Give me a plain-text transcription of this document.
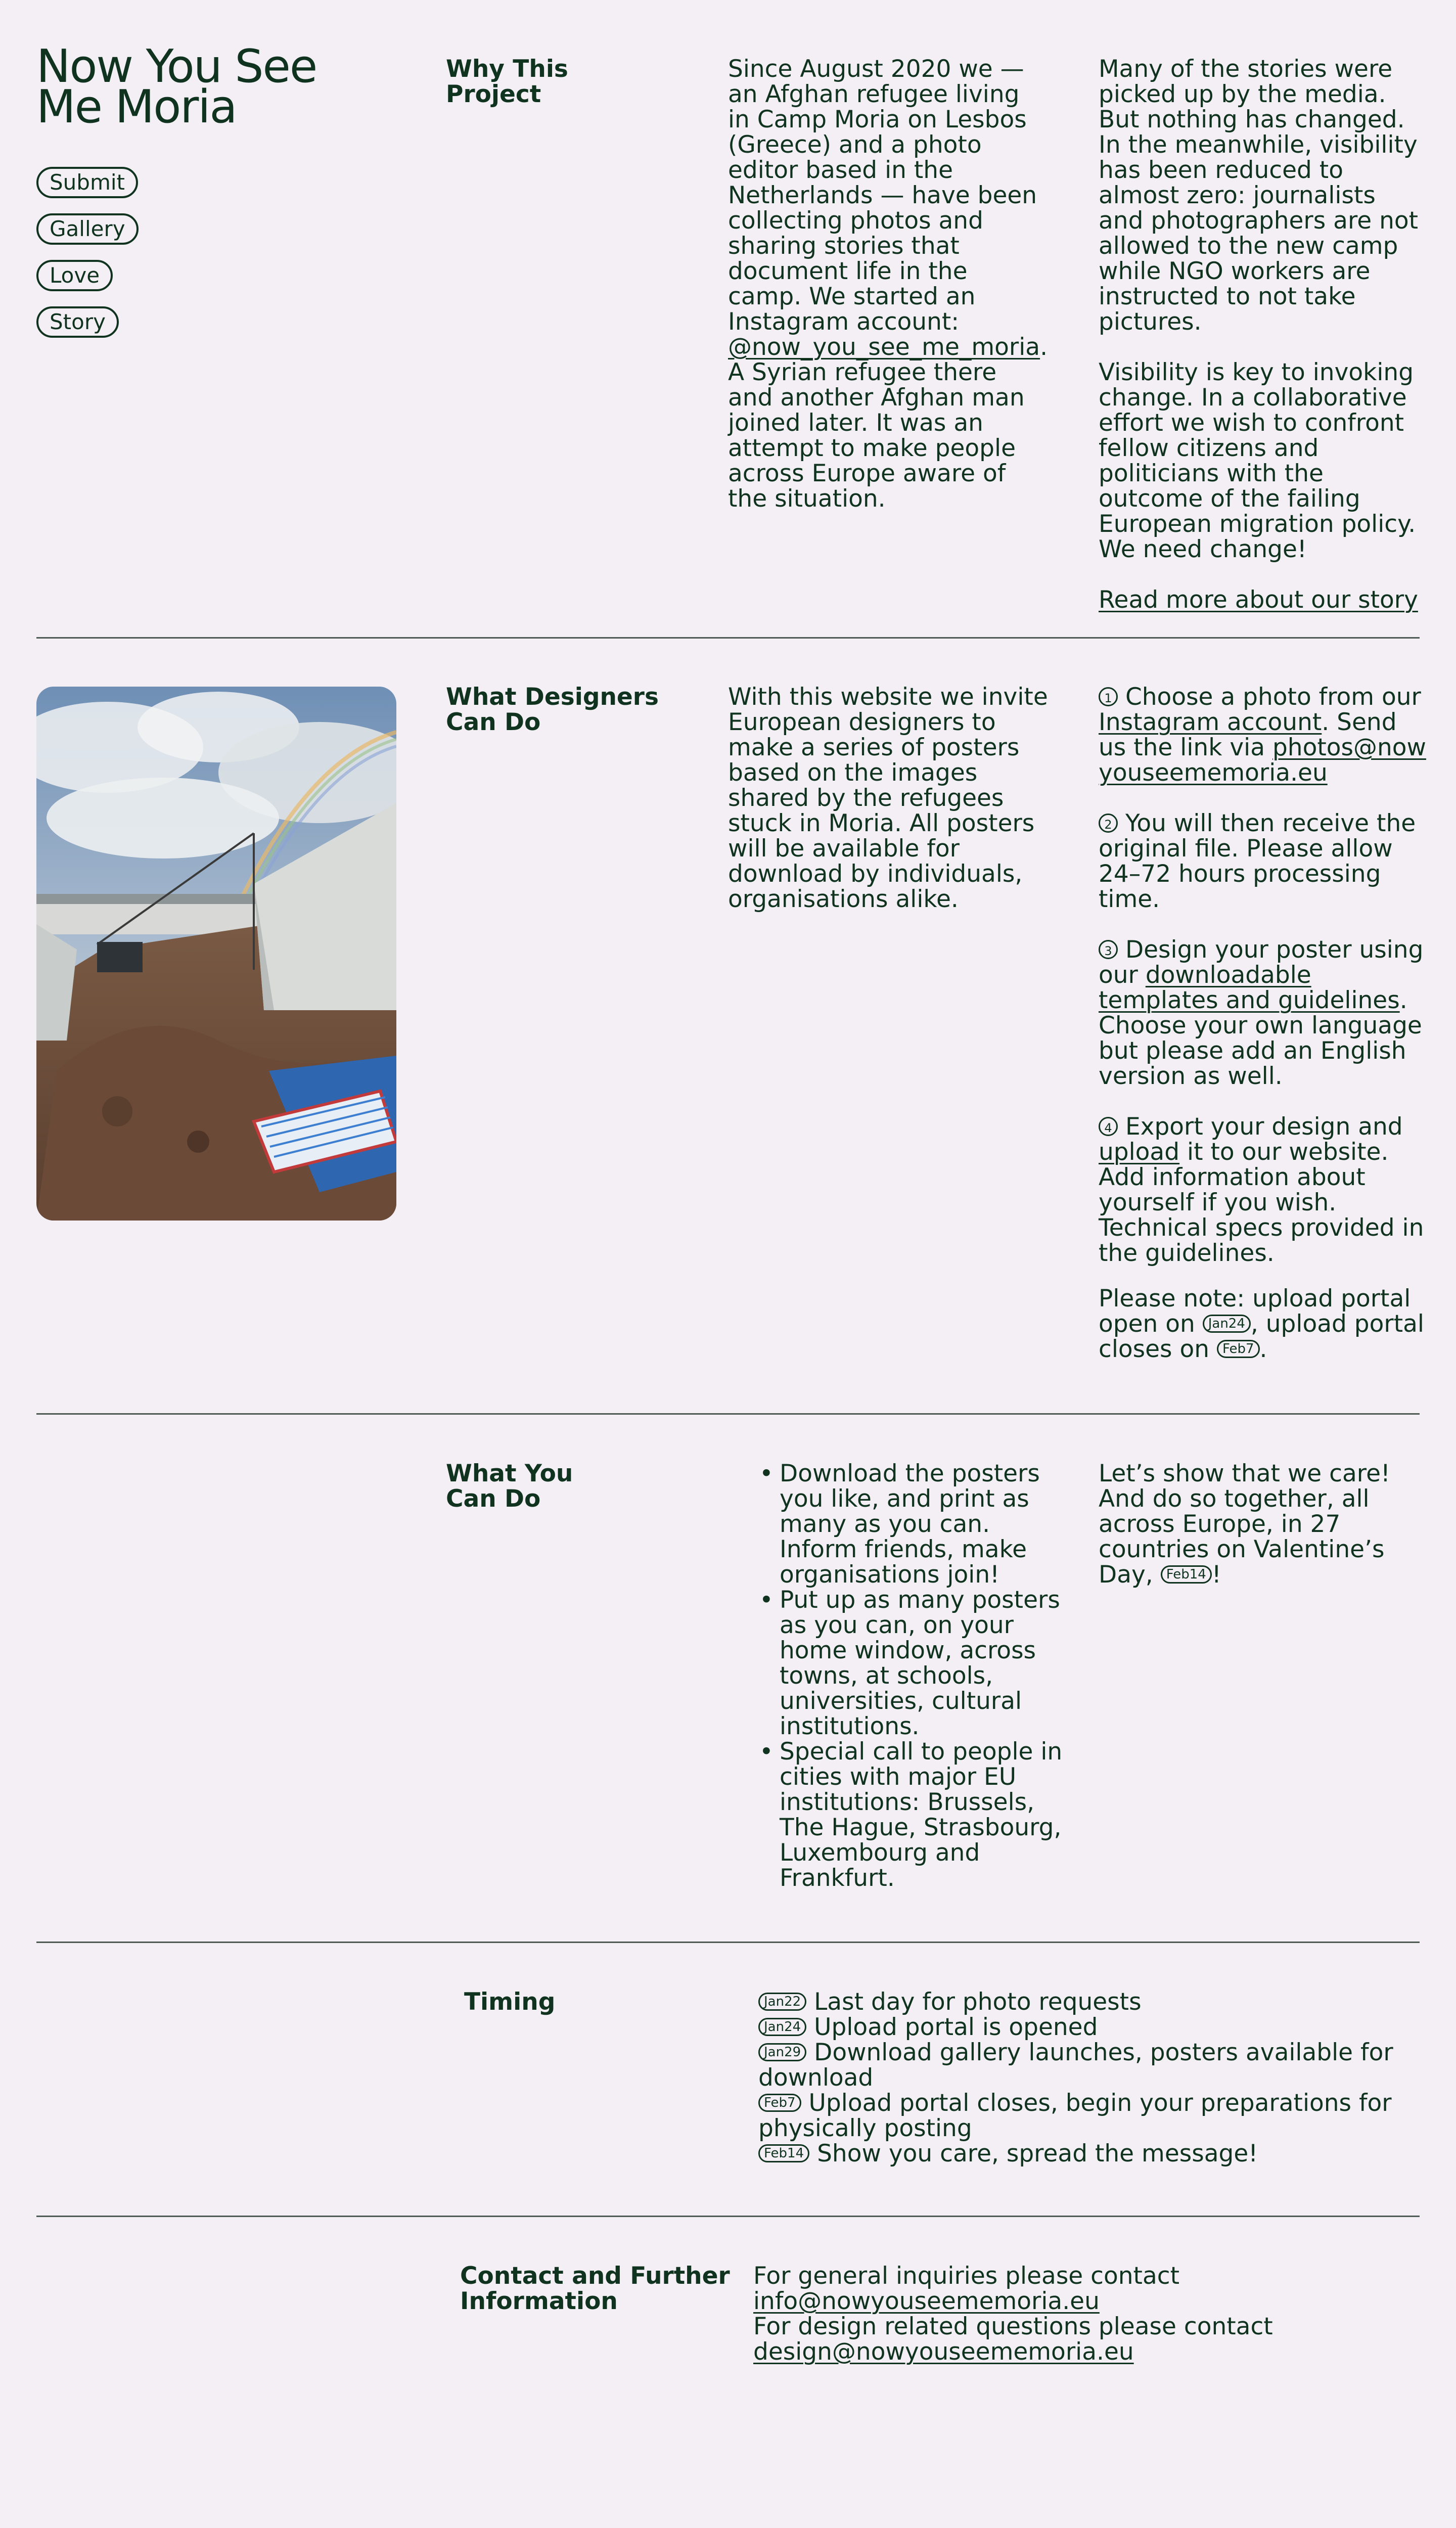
Now You See
Me Moria
Submit
Gallery
Love
Story
Why This
Project
Since August 2020 we — an Afghan refugee living in Camp Moria on Lesbos (Greece) and a photo editor based in the Netherlands — have been collecting photos and sharing stories that document life in the camp. We started an Instagram account: @now_you_see_me_moria. A Syrian refugee there and another Afghan man joined later. It was an attempt to make people across Europe aware of the situation.

Many of the stories were picked up by the media. But nothing has changed. In the meanwhile, visibility has been reduced to almost zero: journalists and photographers are not allowed to the new camp while NGO workers are instructed to not take pictures.

Visibility is key to invoking change. In a collaborative effort we wish to confront fellow citizens and politicians with the outcome of the failing European migration policy. We need change!

Read more about our story

What Designers
Can Do
With this website we invite European designers to make a series of posters based on the images shared by the refugees stuck in Moria. All posters will be available for download by individuals, organisations alike.

1 Choose a photo from our Instagram account. Send us the link via photos@nowyouseememoria.eu

2 You will then receive the original file. Please allow 24–72 hours processing time.

3 Design your poster using our downloadable templates and guidelines. Choose your own language but please add an English version as well.

4 Export your design and upload it to our website. Add information about yourself if you wish. Technical specs provided in the guidelines.

Please note: upload portal open on Jan24 , upload portal closes on Feb7 .
What You
Can Do
• Download the posters you like, and print as many as you can. Inform friends, make organisations join!
• Put up as many posters as you can, on your home window, across towns, at schools, universities, cultural institutions.
• Special call to people in cities with major EU institutions: Brussels, The Hague, Strasbourg, Luxembourg and Frankfurt.
Let’s show that we care! And do so together, all across Europe, in 27 countries on Valentine’s Day, Feb14 !
Timing	Jan22 Last day for photo requests
Jan24 Upload portal is opened
Jan29 Download gallery launches, posters available for download
Feb7 Upload portal closes, begin your preparations for physically posting
Feb14 Show you care, spread the message!
Contact and Further
Information
For general inquiries please contact
info@nowyouseememoria.eu
For design related questions please contact
design@nowyouseememoria.eu
